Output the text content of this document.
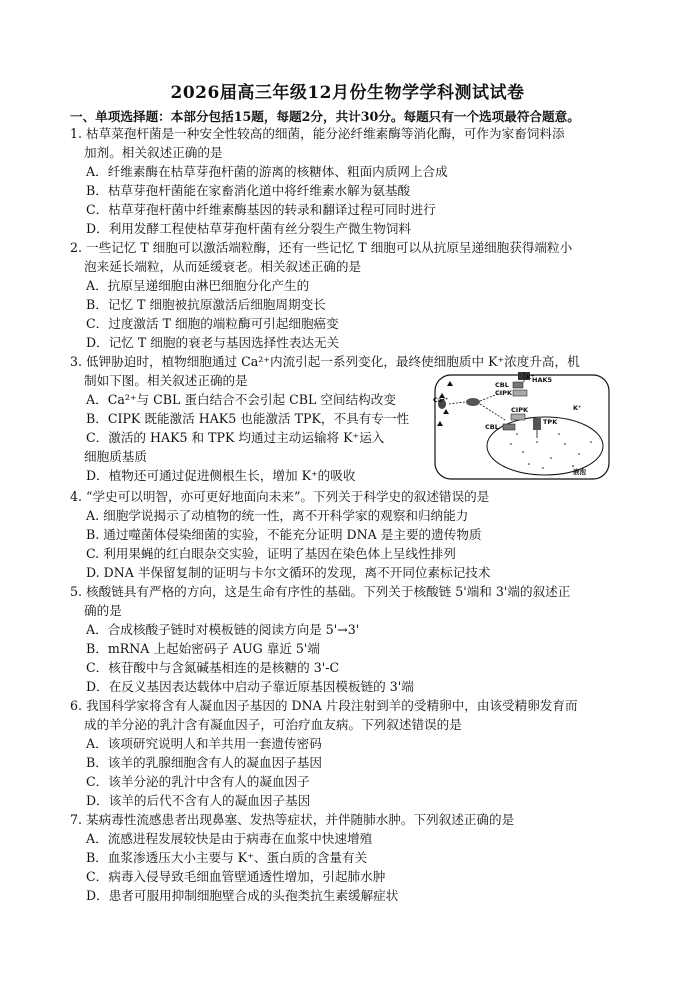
2026届高三年级12月份生物学学科测试试卷
一、单项选择题：本部分包括15题，每题2分，共计30分。每题只有一个选项最符合题意。
1. 枯草菜孢杆菌是一种安全性较高的细菌，能分泌纤维素酶等消化酶，可作为家畜饲料添
加剂。相关叙述正确的是
A．纤维素酶在枯草芽孢杆菌的游离的核糖体、粗面内质网上合成
B．枯草芽孢杆菌能在家畜消化道中将纤维素水解为氨基酸
C．枯草芽孢杆菌中纤维素酶基因的转录和翻译过程可同时进行
D．利用发酵工程使枯草芽孢杆菌有丝分裂生产微生物饲料
2. 一些记忆 T 细胞可以激活端粒酶，还有一些记忆 T 细胞可以从抗原呈递细胞获得端粒小
泡来延长端粒，从而延缓衰老。相关叙述正确的是
A．抗原呈递细胞由淋巴细胞分化产生的
B．记忆 T 细胞被抗原激活后细胞周期变长
C．过度激活 T 细胞的端粒酶可引起细胞癌变
D．记忆 T 细胞的衰老与基因选择性表达无关
3. 低钾胁迫时，植物细胞通过 Ca²⁺内流引起一系列变化，最终使细胞质中 K⁺浓度升高，机
制如下图。相关叙述正确的是
A．Ca²⁺与 CBL 蛋白结合不会引起 CBL 空间结构改变
B．CIPK 既能激活 HAK5 也能激活 TPK，不具有专一性
C．激活的 HAK5 和 TPK 均通过主动运输将 K⁺运入
细胞质基质
D．植物还可通过促进侧根生长，增加 K⁺的吸收
4. “学史可以明智，亦可更好地面向未来”。下列关于科学史的叙述错误的是
A. 细胞学说揭示了动植物的统一性，离不开科学家的观察和归纳能力
B. 通过噬菌体侵染细菌的实验，不能充分证明 DNA 是主要的遗传物质
C. 利用果蝇的红白眼杂交实验，证明了基因在染色体上呈线性排列
D. DNA 半保留复制的证明与卡尔文循环的发现，离不开同位素标记技术
5. 核酸链具有严格的方向，这是生命有序性的基础。下列关于核酸链 5'端和 3'端的叙述正
确的是
A．合成核酸子链时对模板链的阅读方向是 5'→3'
B．mRNA 上起始密码子 AUG 靠近 5'端
C．核苷酸中与含氮碱基相连的是核糖的 3'-C
D．在反义基因表达载体中启动子靠近原基因模板链的 3'端
6. 我国科学家将含有人凝血因子基因的 DNA 片段注射到羊的受精卵中，由该受精卵发育而
成的羊分泌的乳汁含有凝血因子，可治疗血友病。下列叙述错误的是
A．该项研究说明人和羊共用一套遗传密码
B．该羊的乳腺细胞含有人的凝血因子基因
C．该羊分泌的乳汁中含有人的凝血因子
D．该羊的后代不含有人的凝血因子基因
7. 某病毒性流感患者出现鼻塞、发热等症状，并伴随肺水肿。下列叙述正确的是
A．流感进程发展较快是由于病毒在血浆中快速增殖
B．血浆渗透压大小主要与 K⁺、蛋白质的含量有关
C．病毒入侵导致毛细血管壁通透性增加，引起肺水肿
D．患者可服用抑制细胞壁合成的头孢类抗生素缓解症状
Ca²⁺
CBL
HAK5
CIPK
K⁺
CIPK
CBL
TPK
K⁺
液泡
